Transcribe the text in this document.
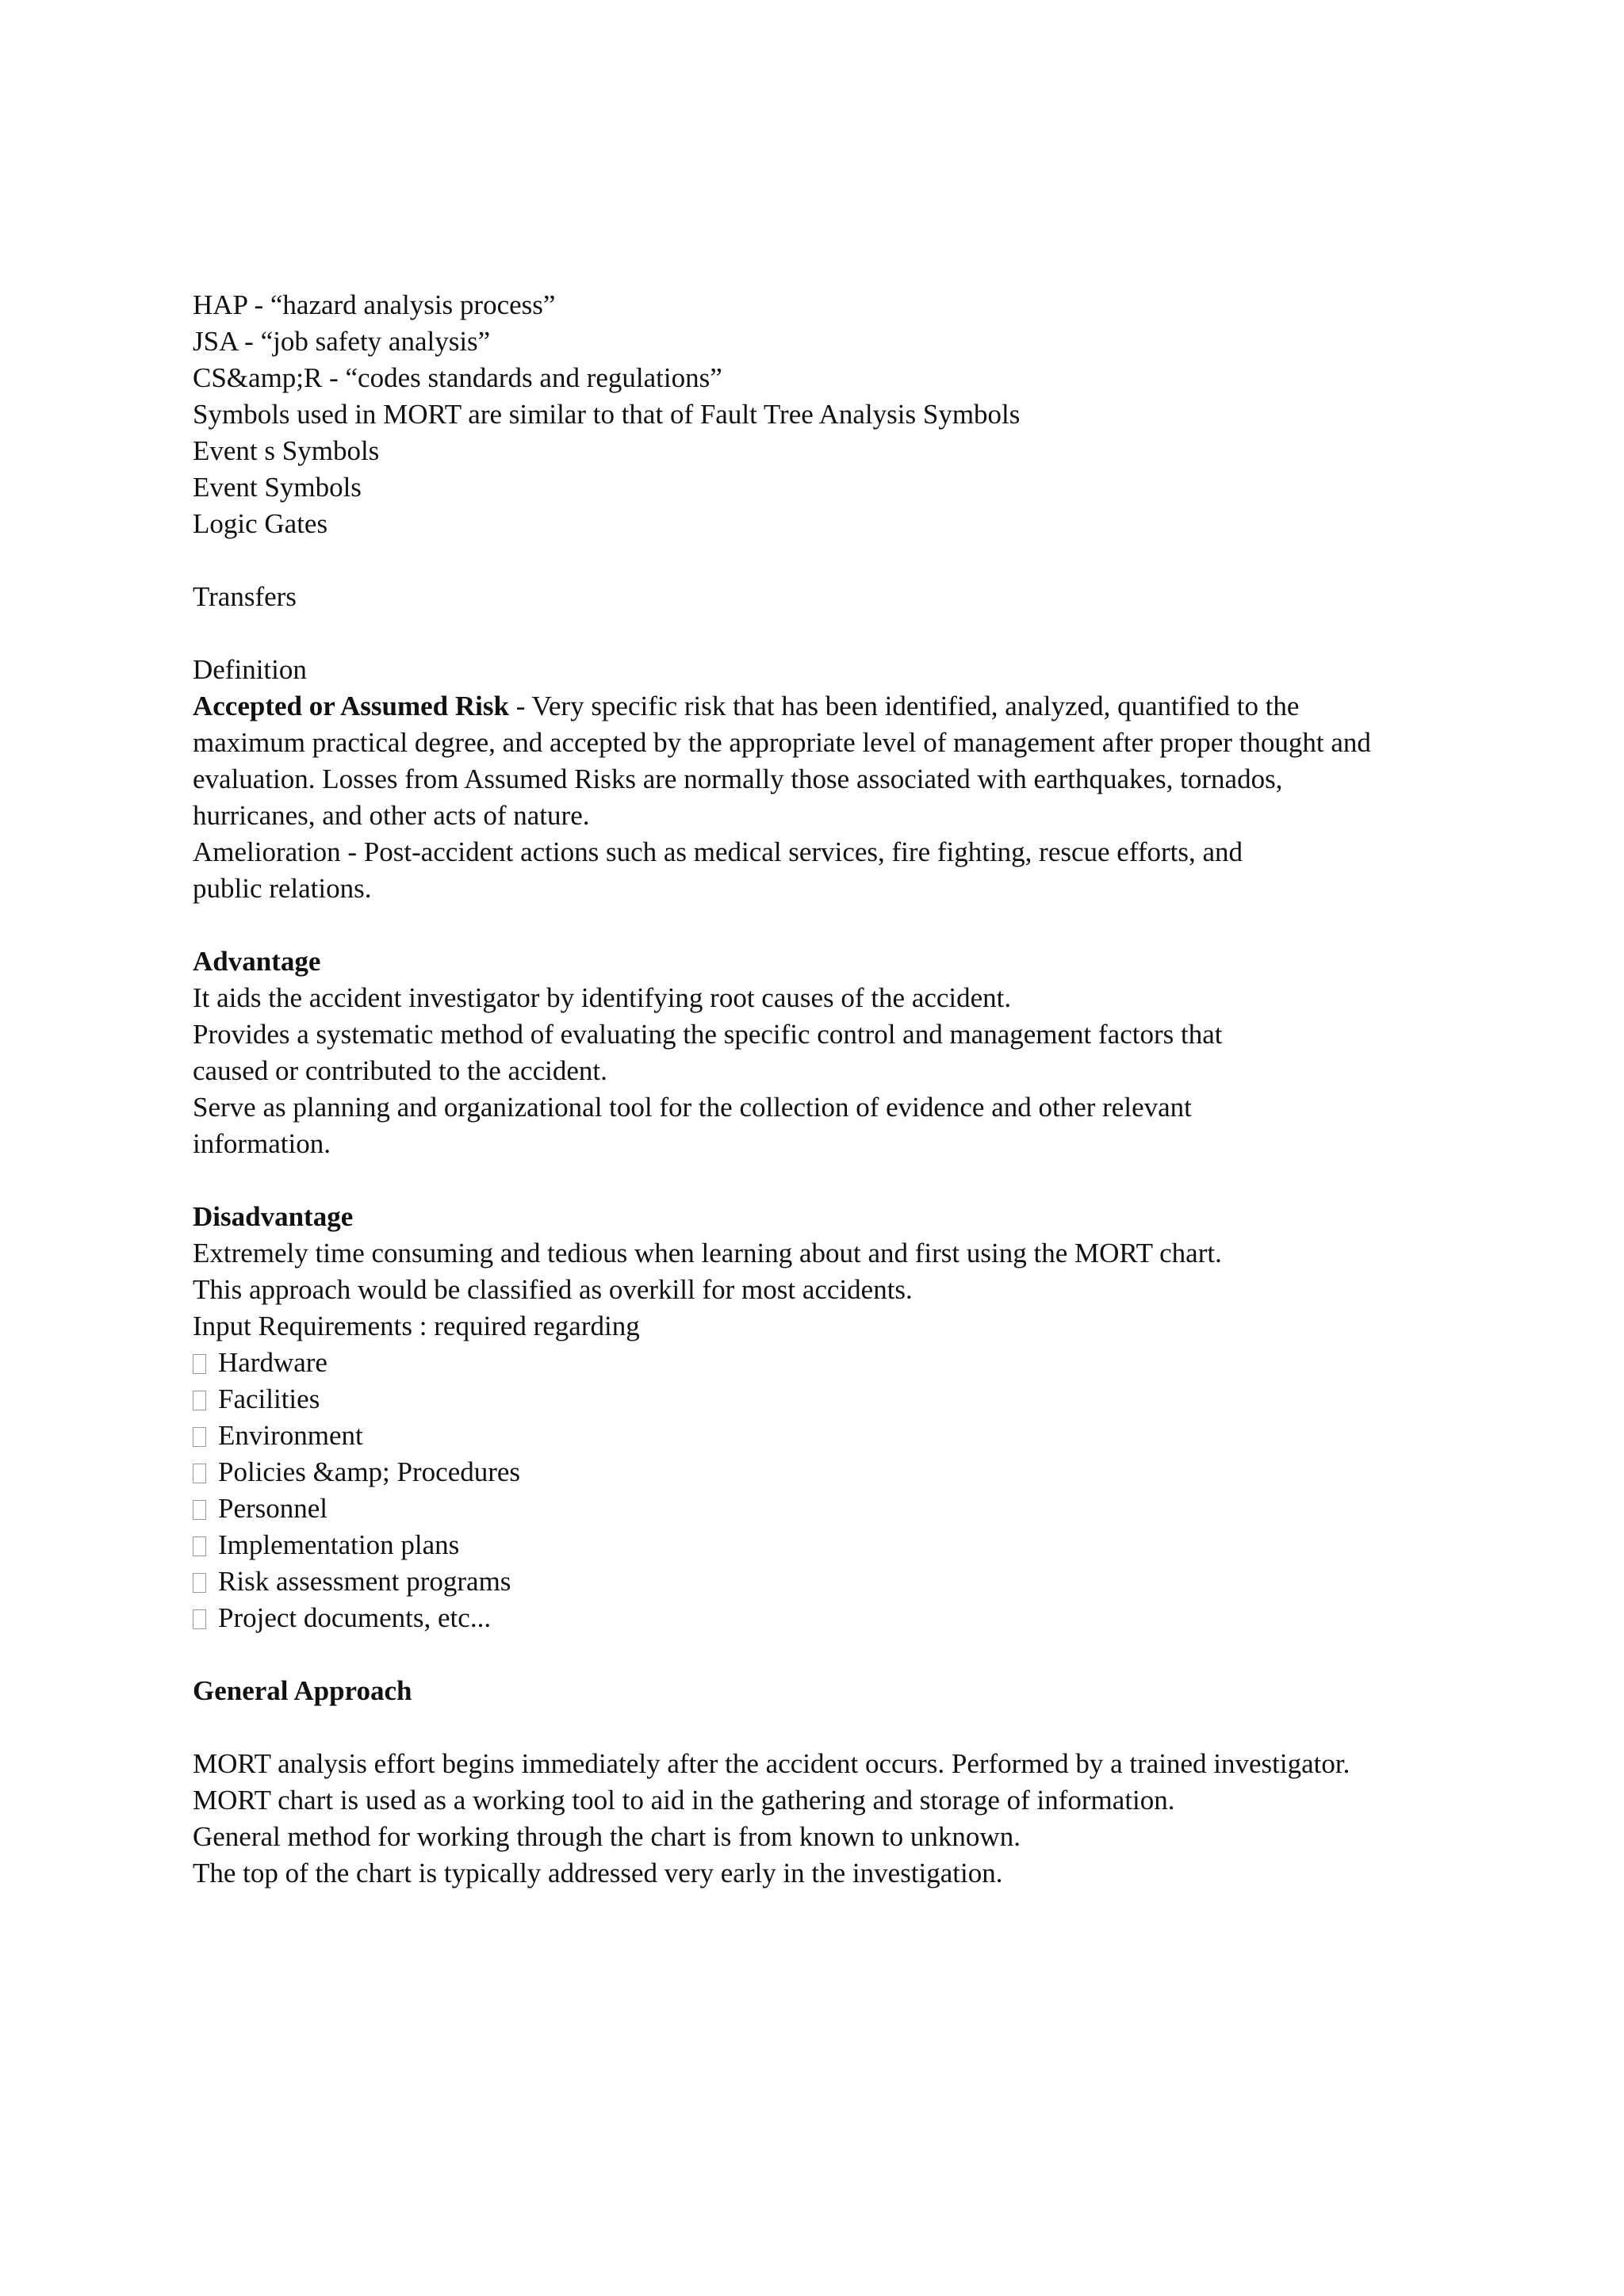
HAP - “hazard analysis process”
JSA - “job safety analysis”
CS&amp;R - “codes standards and regulations”
Symbols used in MORT are similar to that of Fault Tree Analysis Symbols
Event s Symbols
Event Symbols
Logic Gates
Transfers
Definition
Accepted or Assumed Risk - Very specific risk that has been identified, analyzed, quantified to the
maximum practical degree, and accepted by the appropriate level of management after proper thought and
evaluation. Losses from Assumed Risks are normally those associated with earthquakes, tornados,
hurricanes, and other acts of nature.
Amelioration - Post-accident actions such as medical services, fire fighting, rescue efforts, and
public relations.
Advantage
It aids the accident investigator by identifying root causes of the accident.
Provides a systematic method of evaluating the specific control and management factors that
caused or contributed to the accident.
Serve as planning and organizational tool for the collection of evidence and other relevant
information.
Disadvantage
Extremely time consuming and tedious when learning about and first using the MORT chart.
This approach would be classified as overkill for most accidents.
Input Requirements : required regarding
Hardware
Facilities
Environment
Policies &amp; Procedures
Personnel
Implementation plans
Risk assessment programs
Project documents, etc...
General Approach
MORT analysis effort begins immediately after the accident occurs. Performed by a trained investigator.
MORT chart is used as a working tool to aid in the gathering and storage of information.
General method for working through the chart is from known to unknown.
The top of the chart is typically addressed very early in the investigation.
